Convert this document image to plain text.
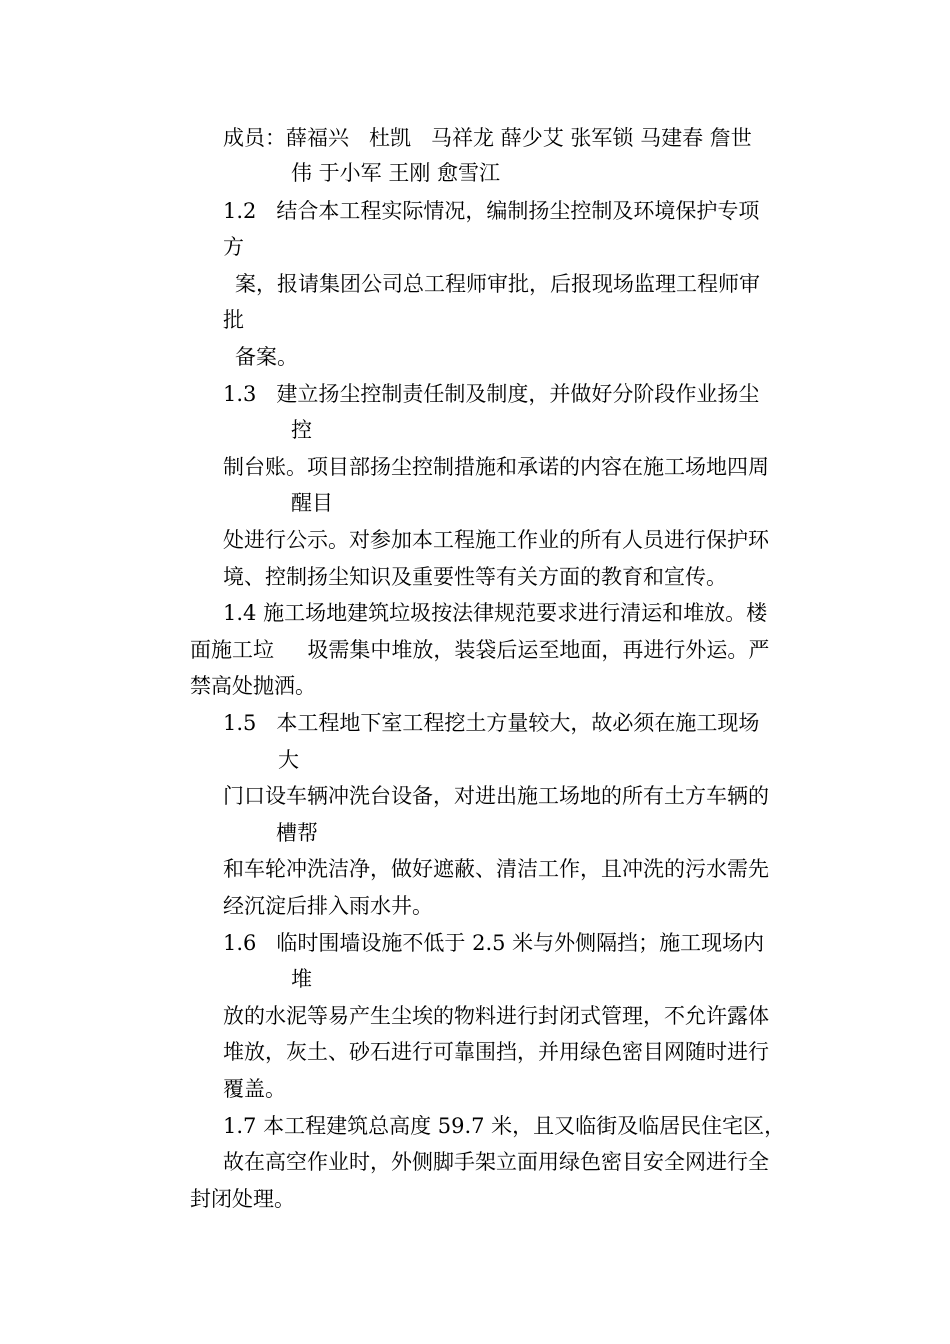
成员：薛福兴   杜凯   马祥龙 薛少艾 张军锁 马建春 詹世
伟 于小军 王刚 愈雪江
1.2   结合本工程实际情况，编制扬尘控制及环境保护专项
方
案，报请集团公司总工程师审批，后报现场监理工程师审
批
备案。
1.3   建立扬尘控制责任制及制度，并做好分阶段作业扬尘
控
制台账。项目部扬尘控制措施和承诺的内容在施工场地四周
醒目
处进行公示。对参加本工程施工作业的所有人员进行保护环
境、控制扬尘知识及重要性等有关方面的教育和宣传。
1.4 施工场地建筑垃圾按法律规范要求进行清运和堆放。楼
面施工垃     圾需集中堆放，装袋后运至地面，再进行外运。严
禁高处抛洒。
1.5   本工程地下室工程挖土方量较大，故必须在施工现场
大
门口设车辆冲洗台设备，对进出施工场地的所有土方车辆的
槽帮
和车轮冲洗洁净，做好遮蔽、清洁工作，且冲洗的污水需先
经沉淀后排入雨水井。
1.6   临时围墙设施不低于 2.5 米与外侧隔挡；施工现场内
堆
放的水泥等易产生尘埃的物料进行封闭式管理，不允许露体
堆放，灰土、砂石进行可靠围挡，并用绿色密目网随时进行
覆盖。
1.7 本工程建筑总高度 59.7 米，且又临街及临居民住宅区，
故在高空作业时，外侧脚手架立面用绿色密目安全网进行全
封闭处理。
